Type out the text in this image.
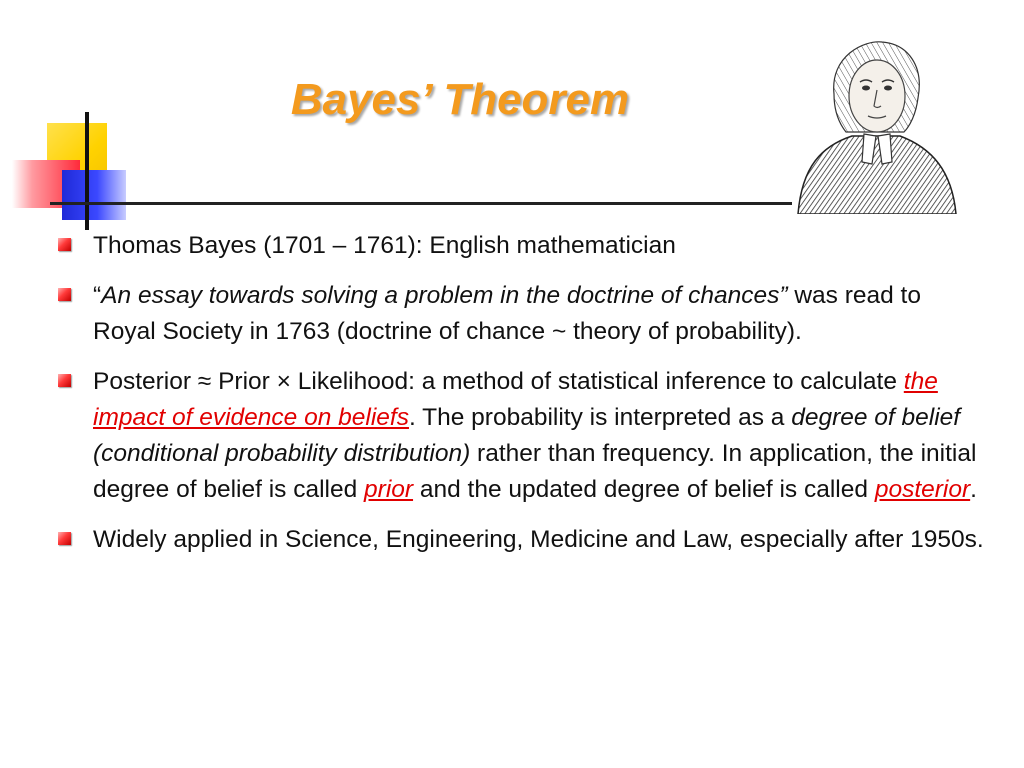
Bayes’ Theorem
Thomas Bayes (1701 – 1761): English mathematician
“An essay towards solving a problem in the doctrine of chances” was read to Royal Society in 1763 (doctrine of chance ~ theory of probability).
Posterior ≈ Prior × Likelihood: a method of statistical inference to calculate the impact of evidence on beliefs. The probability is interpreted as a degree of belief (conditional probability distribution) rather than frequency. In application, the initial degree of belief is called prior and the updated degree of belief is called posterior.
Widely applied in Science, Engineering, Medicine and Law, especially after 1950s.
